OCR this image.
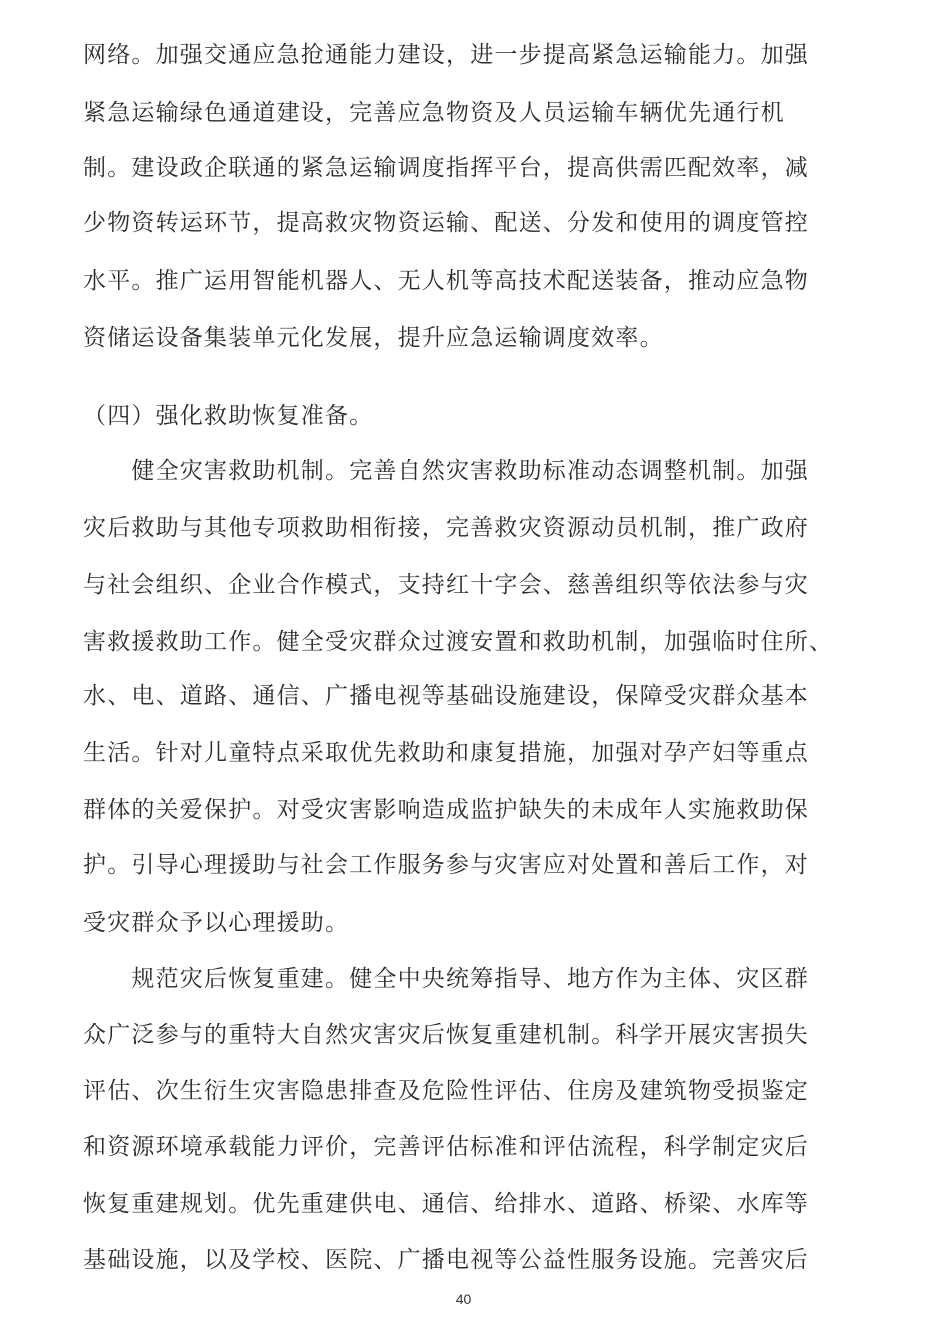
网络。加强交通应急抢通能力建设，进一步提高紧急运输能力。加强
紧急运输绿色通道建设，完善应急物资及人员运输车辆优先通行机
制。建设政企联通的紧急运输调度指挥平台，提高供需匹配效率，减
少物资转运环节，提高救灾物资运输、配送、分发和使用的调度管控
水平。推广运用智能机器人、无人机等高技术配送装备，推动应急物
资储运设备集装单元化发展，提升应急运输调度效率。
（四）强化救助恢复准备。
　　健全灾害救助机制。完善自然灾害救助标准动态调整机制。加强
灾后救助与其他专项救助相衔接，完善救灾资源动员机制，推广政府
与社会组织、企业合作模式，支持红十字会、慈善组织等依法参与灾
害救援救助工作。健全受灾群众过渡安置和救助机制，加强临时住所、
水、电、道路、通信、广播电视等基础设施建设，保障受灾群众基本
生活。针对儿童特点采取优先救助和康复措施，加强对孕产妇等重点
群体的关爱保护。对受灾害影响造成监护缺失的未成年人实施救助保
护。引导心理援助与社会工作服务参与灾害应对处置和善后工作，对
受灾群众予以心理援助。
　　规范灾后恢复重建。健全中央统筹指导、地方作为主体、灾区群
众广泛参与的重特大自然灾害灾后恢复重建机制。科学开展灾害损失
评估、次生衍生灾害隐患排查及危险性评估、住房及建筑物受损鉴定
和资源环境承载能力评价，完善评估标准和评估流程，科学制定灾后
恢复重建规划。优先重建供电、通信、给排水、道路、桥梁、水库等
基础设施，以及学校、医院、广播电视等公益性服务设施。完善灾后
40
